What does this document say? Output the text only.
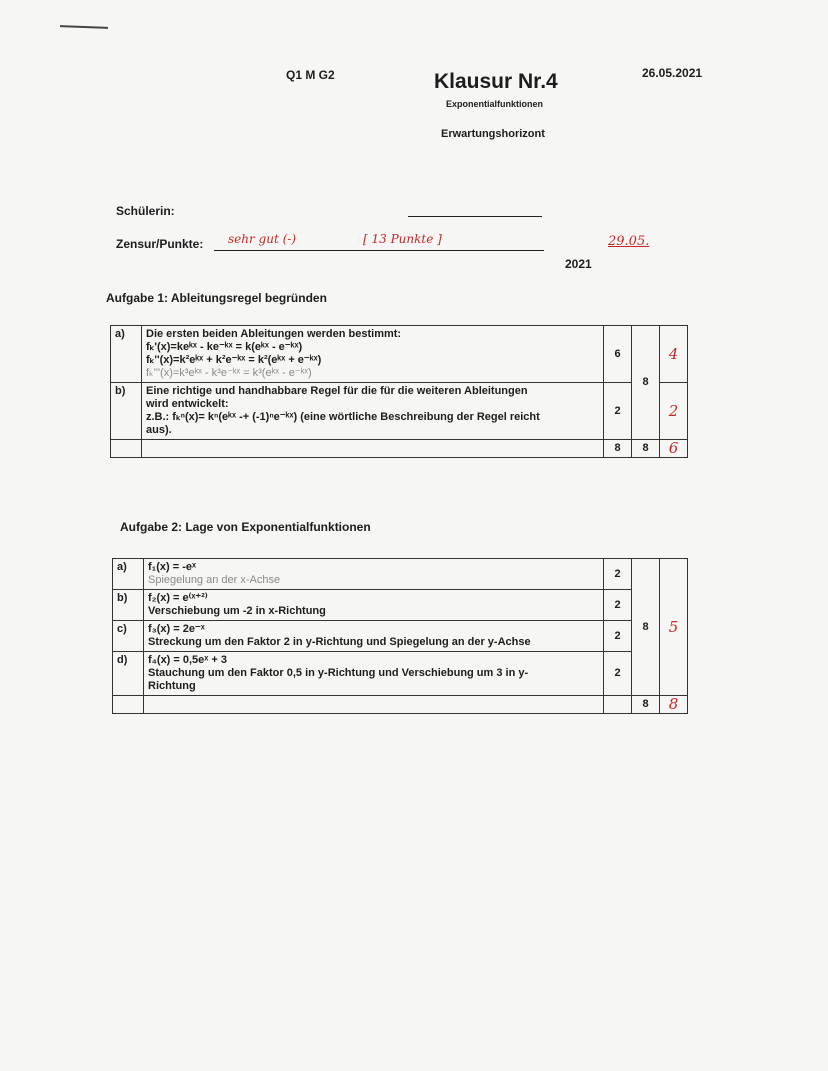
Q1 M G2	Klausur Nr.4	26.05.2021
Exponentialfunktionen
Erwartungshorizont
Schülerin:
Zensur/Punkte: sehr gut (-)	[ 13 Punkte ]
2021
29.05.
Aufgabe 1: Ableitungsregel begründen
a)	Die ersten beiden Ableitungen werden bestimmt:
fₖ'(x)=keᵏˣ - ke⁻ᵏˣ = k(eᵏˣ - e⁻ᵏˣ)
fₖ''(x)=k²eᵏˣ + k²e⁻ᵏˣ = k²(eᵏˣ + e⁻ᵏˣ)
fₖ'''(x)=k³eᵏˣ - k³e⁻ᵏˣ = k³(eᵏˣ - e⁻ᵏˣ)	6	8	4
b)	Eine richtige und handhabbare Regel für die für die weiteren Ableitungen
wird entwickelt:
z.B.: fₖⁿ(x)= kⁿ(eᵏˣ -+ (-1)ⁿe⁻ᵏˣ) (eine wörtliche Beschreibung der Regel reicht
aus).	2		2
		8	8	6
Aufgabe 2: Lage von Exponentialfunktionen
a)	f₁(x) = -eˣ
Spiegelung an der x-Achse	2	8	5
b)	f₂(x) = e⁽ˣ⁺²⁾
Verschiebung um -2 in x-Richtung	2		
c)	f₃(x) = 2e⁻ˣ
Streckung um den Faktor 2 in y-Richtung und Spiegelung an der y-Achse	2		
d)	f₄(x) = 0,5eˣ + 3
Stauchung um den Faktor 0,5 in y-Richtung und Verschiebung um 3 in y-
Richtung	2		
			8	8
